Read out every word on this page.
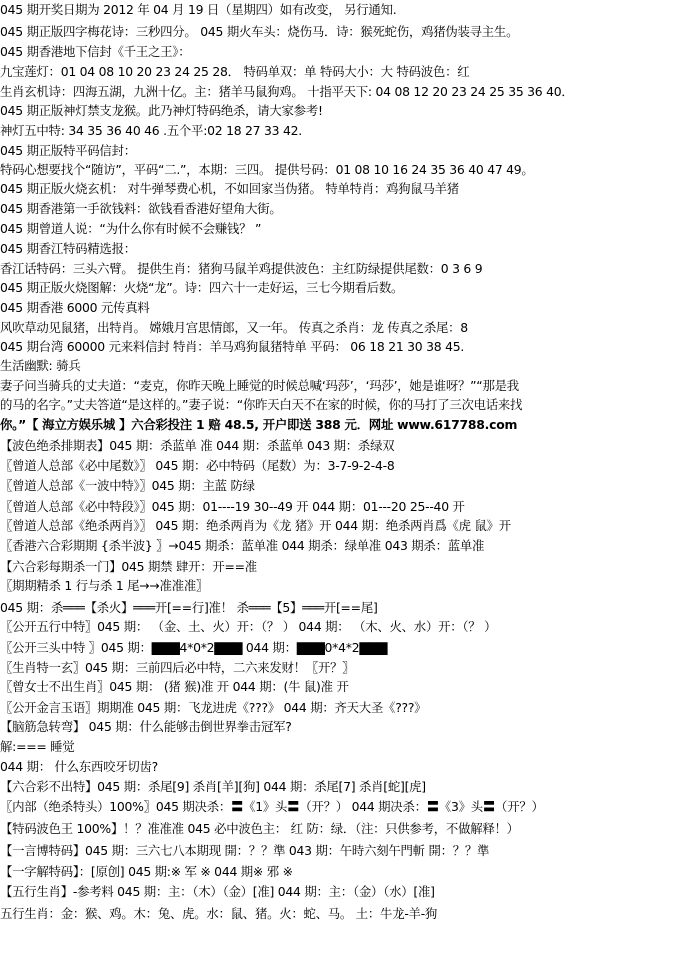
045 期开奖日期为 2012 年 04 月 19 日（星期四）如有改变， 另行通知.
045 期正版四字梅花诗：三秒四分。 045 期火车头：烧伤马．诗：猴死蛇伤，鸡猪伪装寻主生。
045 期香港地下信封《千王之王》：
九宝莲灯：01 04 08 10 20 23 24 25 28． 特码单双：单 特码大小：大 特码波色：红
生肖玄机诗：四海五湖，九洲十亿。主：猪羊马鼠狗鸡。 十指平天下: 04 08 12 20 23 24 25 35 36 40．
045 期正版神灯禁支龙猴。此乃神灯特码绝杀，请大家参考!
神灯五中特: 34 35 36 40 46 .五个平:02 18 27 33 42.
045 期正版特平码信封：
特码心想要找个“随访”，平码“二.”，本期：三四。 提供号码：01 08 10 16 24 35 36 40 47 49。
045 期正版火烧玄机： 对牛弹琴费心机，不如回家当伪猪。 特单特肖：鸡狗鼠马羊猪
045 期香港第一手欲钱料：欲钱看香港好望角大街。
045 期曾道人说：“为什么你有时候不会赚钱？ ”
045 期香江特码精选报：
香江话特码：三头六臂。 提供生肖：猪狗马鼠羊鸡提供波色：主红防绿提供尾数：0 3 6 9
045 期正版火烧图解：火烧“龙”。诗：四六十一走好运，三七今期看后数。
045 期香港 6000 元传真料
风吹草动见鼠猪，出特肖。 嫦娥月宫思情郎，又一年。 传真之杀肖：龙 传真之杀尾：8
045 期台湾 60000 元来料信封 特肖：羊马鸡狗鼠猪特单 平码： 06 18 21 30 38 45.
生活幽默: 骑兵
妻子问当骑兵的丈夫道：“麦克，你昨天晚上睡觉的时候总喊‘玛莎’，‘玛莎’，她是谁呀？”“那是我
的马的名字。”丈夫答道“是这样的。”妻子说：“你昨天白天不在家的时候，你的马打了三次电话来找
你。”【 海立方娱乐城 】六合彩投注 1 赔 48.5, 开户即送 388 元．网址 www.617788.com
【波色绝杀排期表】045 期：杀蓝单 准 044 期：杀蓝单 043 期：杀绿双
〖曾道人总部《必中尾数》〗 045 期：必中特码（尾数）为：3-7-9-2-4-8
〖曾道人总部《一波中特》〗045 期：主蓝 防绿
〖曾道人总部《必中特段》〗045 期：01----19 30--49 开 044 期：01---20 25--40 开
〖曾道人总部《绝杀两肖》〗 045 期：绝杀两肖为《龙 猪》开 044 期：绝杀两肖爲《虎 鼠》开
〖香港六合彩期期 {杀半波} 〗→045 期杀：蓝单准 044 期杀：绿单准 043 期杀：蓝单准
【六合彩每期杀一门】045 期禁 肆开：开==准
〖期期精杀 1 行与杀 1 尾→→准准准〗
045 期：杀═══【杀火】═══开[==行]准！ 杀═══【5】═══开[==尾]
〖公开五行中特〗045 期： （金、土、火）开：（？ ） 044 期： （木、火、水）开：（？ ）
〖公开三头中特 〗045 期：▇▇▇4*0*2▇▇▇ 044 期：▇▇▇0*4*2▇▇▇
〖生肖特一玄〗045 期：三前四后必中特，二六来发财！〖开？〗
〖曾女士不出生肖〗045 期： (猪 猴)准 开 044 期：(牛 鼠)准 开
〖公开金言玉语〗期期准 045 期：飞龙进虎《???》 044 期：齐天大圣《???》
【脑筋急转弯】 045 期：什么能够击倒世界拳击冠军?
解:=== 睡觉
044 期： 什么东西咬牙切齿?
【六合彩不出特】045 期：杀尾[9] 杀肖[羊][狗] 044 期：杀尾[7] 杀肖[蛇][虎]
〖内部（绝杀特头）100%〗045 期决杀：〓《1》头〓（开？） 044 期决杀：〓《3》头〓（开？）
【特码波色王 100%】！？准准准 045 必中波色主： 红 防：绿．（注：只供参考，不做解释！）
【一言博特码】045 期：三六七八本期现 開：？？準 043 期：午時六刻午門斬 開：？？準
【一字解特码】：[原创] 045 期:※ 军 ※ 044 期※ 邪 ※
【五行生肖】-参考料 045 期：主：（木）（金）[准] 044 期：主：（金）（水）[准]
五行生肖：金：猴、鸡。木：兔、虎。水：鼠、猪。火：蛇、马。 土：牛龙-羊-狗
